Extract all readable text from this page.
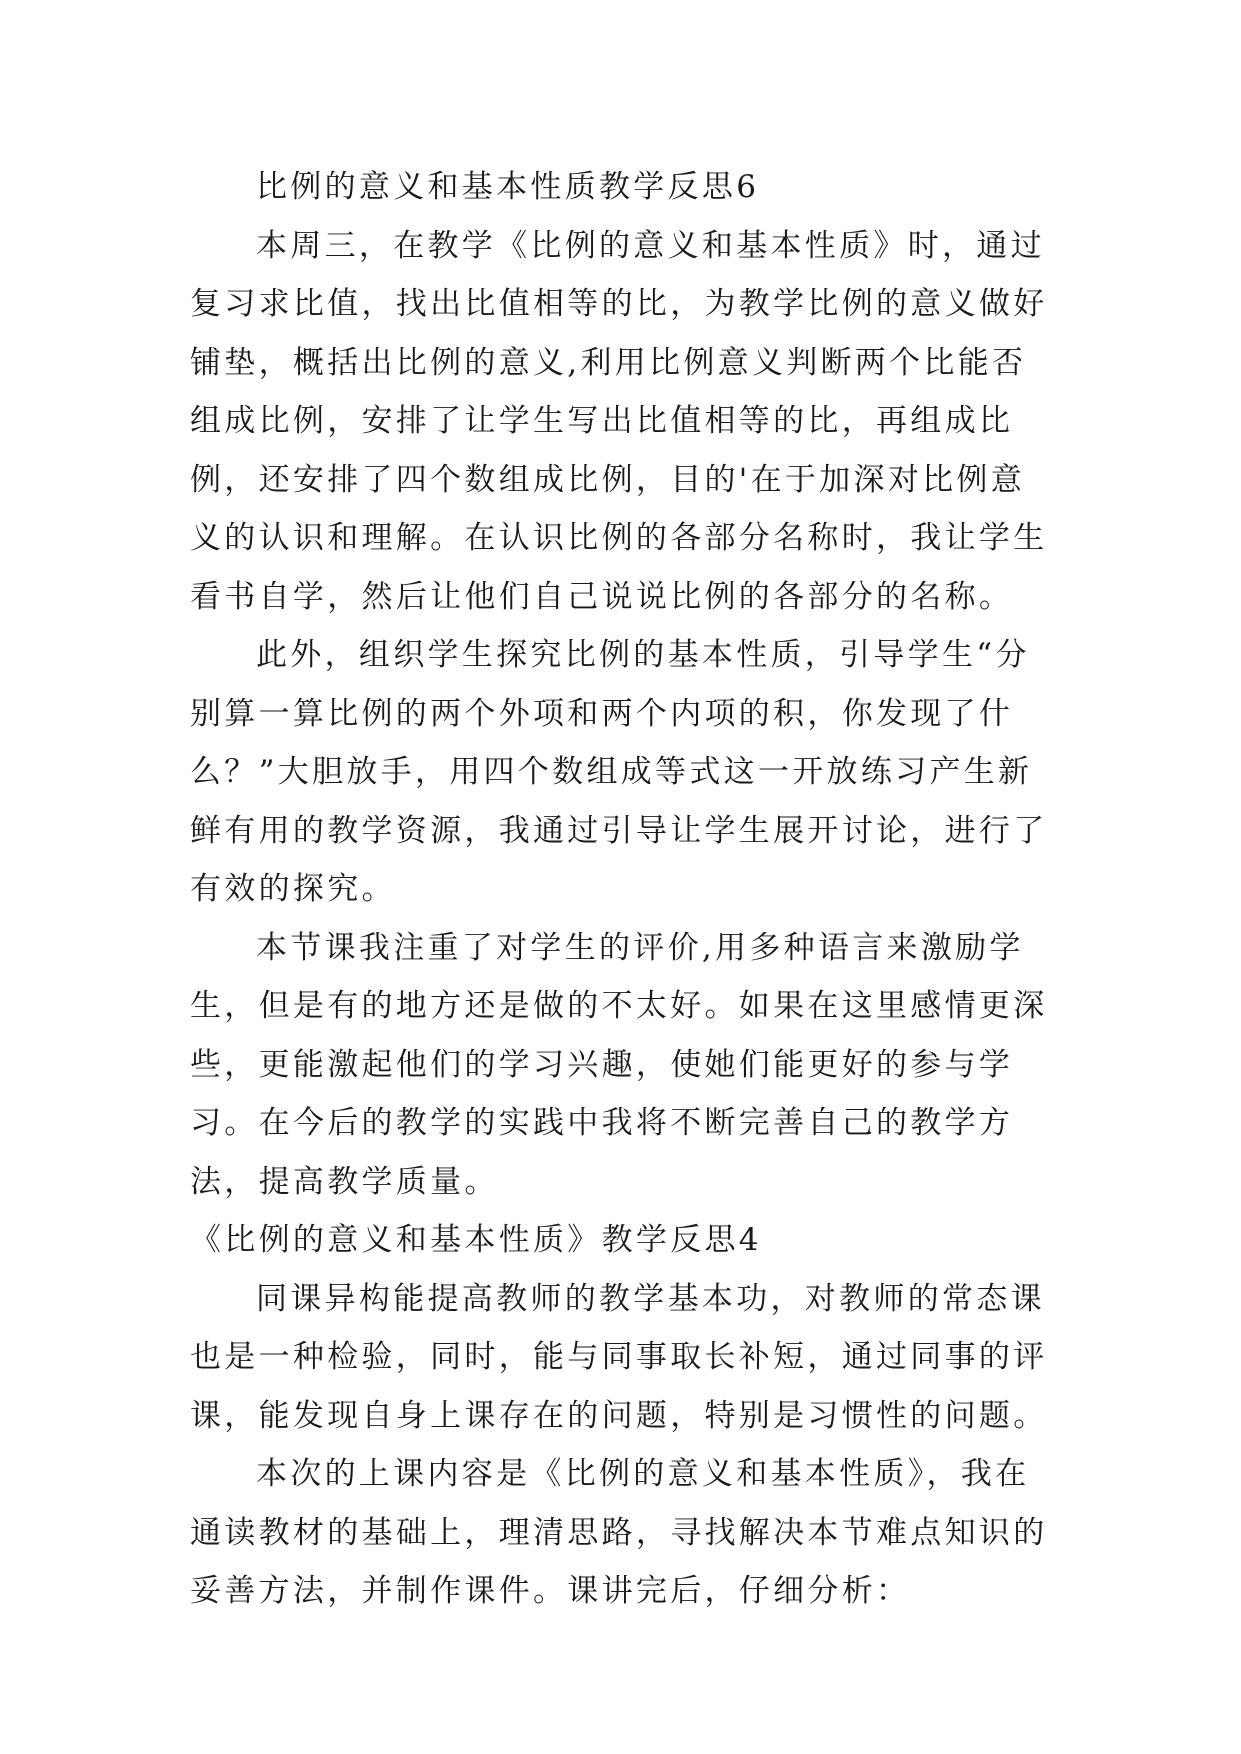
比例的意义和基本性质教学反思6

本周三，在教学《比例的意义和基本性质》时，通过复习求比值，找出比值相等的比，为教学比例的意义做好铺垫，概括出比例的意义,利用比例意义判断两个比能否组成比例，安排了让学生写出比值相等的比，再组成比例，还安排了四个数组成比例，目的'在于加深对比例意义的认识和理解。在认识比例的各部分名称时，我让学生看书自学，然后让他们自己说说比例的各部分的名称。

此外，组织学生探究比例的基本性质，引导学生“分别算一算比例的两个外项和两个内项的积，你发现了什么？”大胆放手，用四个数组成等式这一开放练习产生新鲜有用的教学资源，我通过引导让学生展开讨论，进行了有效的探究。

本节课我注重了对学生的评价,用多种语言来激励学生，但是有的地方还是做的不太好。如果在这里感情更深些，更能激起他们的学习兴趣，使她们能更好的参与学习。在今后的教学的实践中我将不断完善自己的教学方法，提高教学质量。

《比例的意义和基本性质》教学反思4

同课异构能提高教师的教学基本功，对教师的常态课也是一种检验，同时，能与同事取长补短，通过同事的评课，能发现自身上课存在的问题，特别是习惯性的问题。

本次的上课内容是《比例的意义和基本性质》，我在通读教材的基础上，理清思路，寻找解决本节难点知识的妥善方法，并制作课件。课讲完后，仔细分析：
